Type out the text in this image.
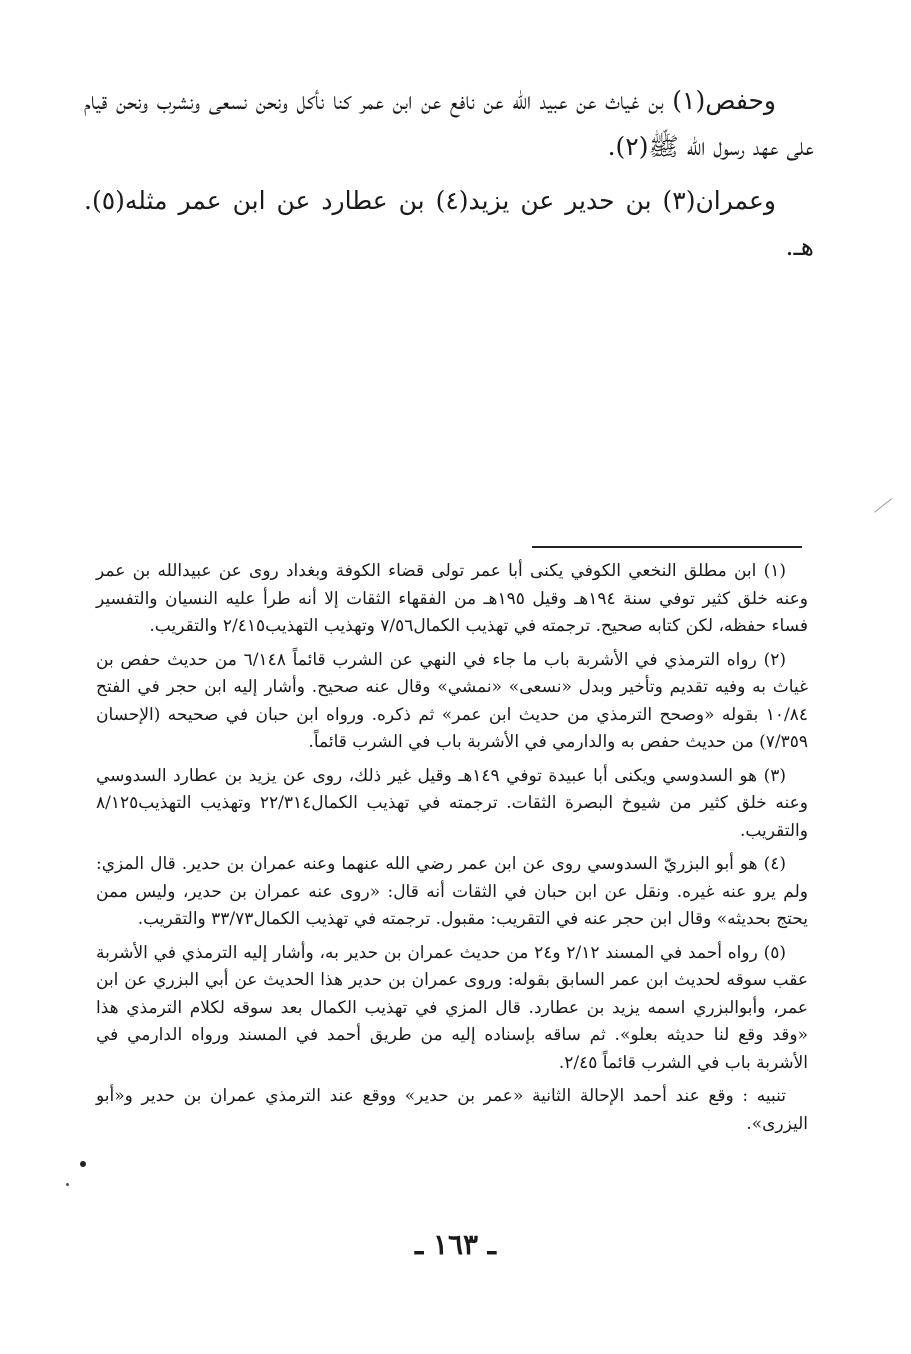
وحفص(١) بن غياث عن عبيد الله عن نافع عن ابن عمر كنا نأكل ونحن نسعى ونشرب ونحن قيام على عهد رسول الله ﷺ(٢).

وعمران(٣) بن حدير عن يزيد(٤) بن عطارد عن ابن عمر مثله(٥). هـ.

(١) ابن مطلق النخعي الكوفي يكنى أبا عمر تولى قضاء الكوفة وبغداد روى عن عبيدالله بن عمر وعنه خلق كثير توفي سنة ١٩٤هـ وقيل ١٩٥هـ من الفقهاء الثقات إلا أنه طرأ عليه النسيان والتفسير فساء حفظه، لكن كتابه صحيح. ترجمته في تهذيب الكمال٧/٥٦ وتهذيب التهذيب٢/٤١٥ والتقريب.

(٢) رواه الترمذي في الأشربة باب ما جاء في النهي عن الشرب قائماً ٦/١٤٨ من حديث حفص بن غياث به وفيه تقديم وتأخير وبدل «نسعى» «نمشي» وقال عنه صحيح. وأشار إليه ابن حجر في الفتح ١٠/٨٤ بقوله «وصحح الترمذي من حديث ابن عمر» ثم ذكره. ورواه ابن حبان في صحيحه (الإحسان ٧/٣٥٩) من حديث حفص به والدارمي في الأشربة باب في الشرب قائماً.

(٣) هو السدوسي ويكنى أبا عبيدة توفي ١٤٩هـ وقيل غير ذلك، روى عن يزيد بن عطارد السدوسي وعنه خلق كثير من شيوخ البصرة الثقات. ترجمته في تهذيب الكمال٢٢/٣١٤ وتهذيب التهذيب٨/١٢٥ والتقريب.

(٤) هو أبو البزريّ السدوسي روى عن ابن عمر رضي الله عنهما وعنه عمران بن حدير. قال المزي: ولم يرو عنه غيره. ونقل عن ابن حبان في الثقات أنه قال: «روى عنه عمران بن حدير، وليس ممن يحتج بحديثه» وقال ابن حجر عنه في التقريب: مقبول. ترجمته في تهذيب الكمال٣٣/٧٣ والتقريب.

(٥) رواه أحمد في المسند ٢/١٢ و٢٤ من حديث عمران بن حدير به، وأشار إليه الترمذي في الأشربة عقب سوقه لحديث ابن عمر السابق بقوله: وروى عمران بن حدير هذا الحديث عن أبي البزري عن ابن عمر، وأبوالبزري اسمه يزيد بن عطارد. قال المزي في تهذيب الكمال بعد سوقه لكلام الترمذي هذا «وقد وقع لنا حديثه بعلو». ثم ساقه بإسناده إليه من طريق أحمد في المسند ورواه الدارمي في الأشربة باب في الشرب قائماً ٢/٤٥.

تنبيه : وقع عند أحمد الإحالة الثانية «عمر بن حدير» ووقع عند الترمذي عمران بن حدير و«أبو اليزرى».

ـ ١٦٣ ـ
